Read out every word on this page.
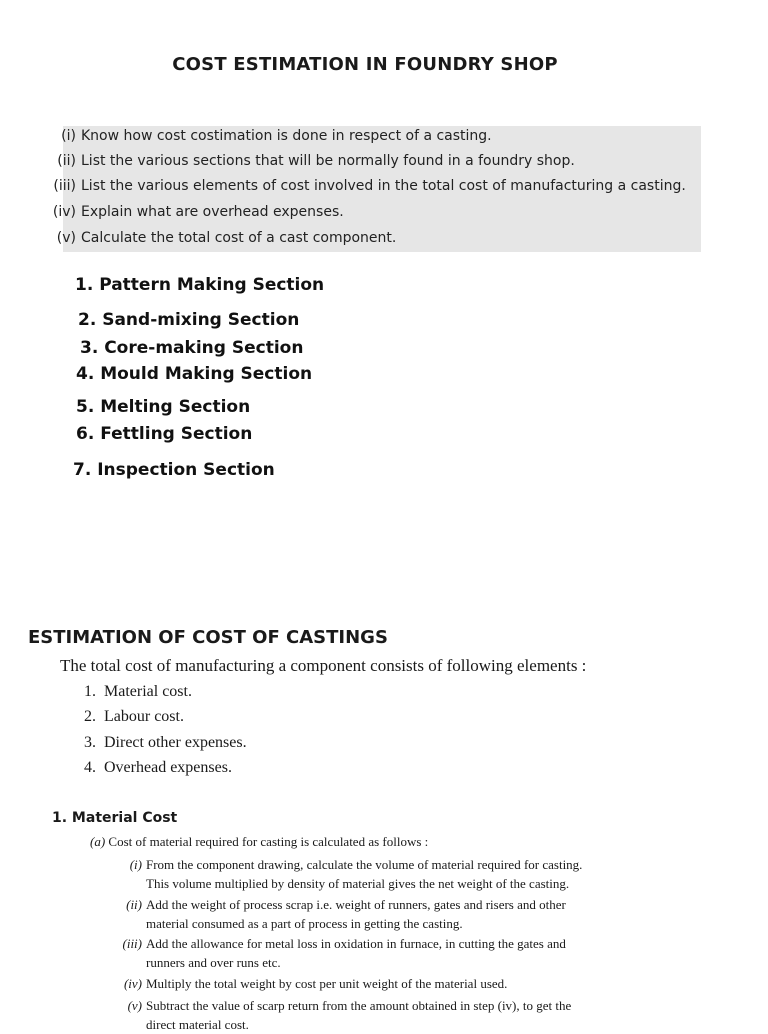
COST ESTIMATION IN FOUNDRY SHOP
(i) Know how cost costimation is done in respect of a casting.
(ii) List the various sections that will be normally found in a foundry shop.
(iii) List the various elements of cost involved in the total cost of manufacturing a casting.
(iv) Explain what are overhead expenses.
(v) Calculate the total cost of a cast component.
1. Pattern Making Section
2. Sand-mixing Section
3. Core-making Section
4. Mould Making Section
5. Melting Section
6. Fettling Section
7. Inspection Section
ESTIMATION OF COST OF CASTINGS
The total cost of manufacturing a component consists of following elements :
1. Material cost.
2. Labour cost.
3. Direct other expenses.
4. Overhead expenses.
1. Material Cost
(a) Cost of material required for casting is calculated as follows :
(i) From the component drawing, calculate the volume of material required for casting.
This volume multiplied by density of material gives the net weight of the casting.
(ii) Add the weight of process scrap i.e. weight of runners, gates and risers and other
material consumed as a part of process in getting the casting.
(iii) Add the allowance for metal loss in oxidation in furnace, in cutting the gates and
runners and over runs etc.
(iv) Multiply the total weight by cost per unit weight of the material used.
(v) Subtract the value of scarp return from the amount obtained in step (iv), to get the
direct material cost.
